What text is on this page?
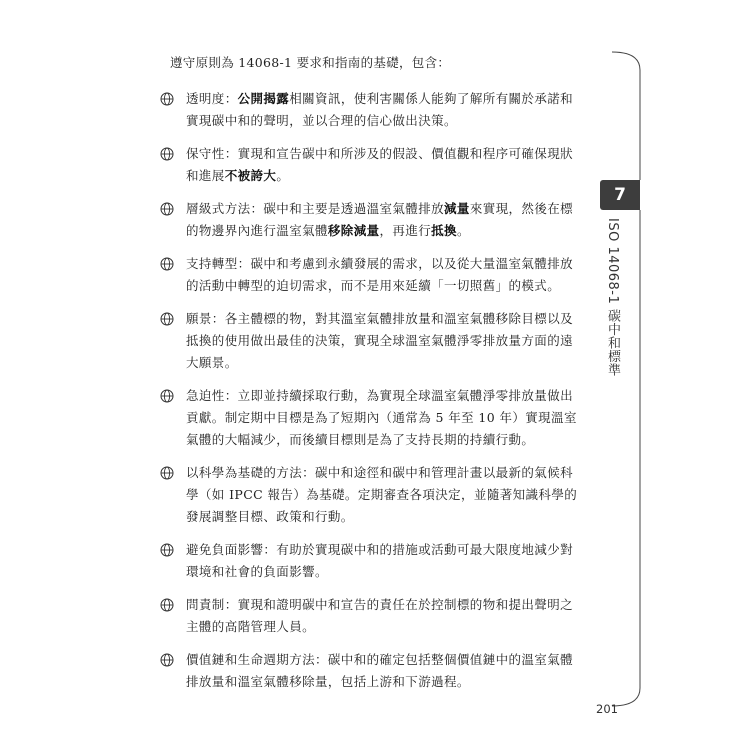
遵守原則為 14068-1 要求和指南的基礎，包含：
透明度：公開揭露相關資訊，使利害關係人能夠了解所有關於承諾和實現碳中和的聲明，並以合理的信心做出決策。
保守性：實現和宣告碳中和所涉及的假設、價值觀和程序可確保現狀和進展不被誇大。
層級式方法：碳中和主要是透過溫室氣體排放減量來實現，然後在標的物邊界內進行溫室氣體移除減量，再進行抵換。
支持轉型：碳中和考慮到永續發展的需求，以及從大量溫室氣體排放的活動中轉型的迫切需求，而不是用來延續「一切照舊」的模式。
願景：各主體標的物，對其溫室氣體排放量和溫室氣體移除目標以及抵換的使用做出最佳的決策，實現全球溫室氣體淨零排放量方面的遠大願景。
急迫性：立即並持續採取行動，為實現全球溫室氣體淨零排放量做出貢獻。制定期中目標是為了短期內（通常為 5 年至 10 年）實現溫室氣體的大幅減少，而後續目標則是為了支持長期的持續行動。
以科學為基礎的方法：碳中和途徑和碳中和管理計畫以最新的氣候科學（如 IPCC 報告）為基礎。定期審查各項決定，並隨著知識科學的發展調整目標、政策和行動。
避免負面影響：有助於實現碳中和的措施或活動可最大限度地減少對環境和社會的負面影響。
問責制：實現和證明碳中和宣告的責任在於控制標的物和提出聲明之主體的高階管理人員。
價值鏈和生命週期方法：碳中和的確定包括整個價值鏈中的溫室氣體排放量和溫室氣體移除量，包括上游和下游過程。
7
ISO 14068-1 碳中和標準
201
